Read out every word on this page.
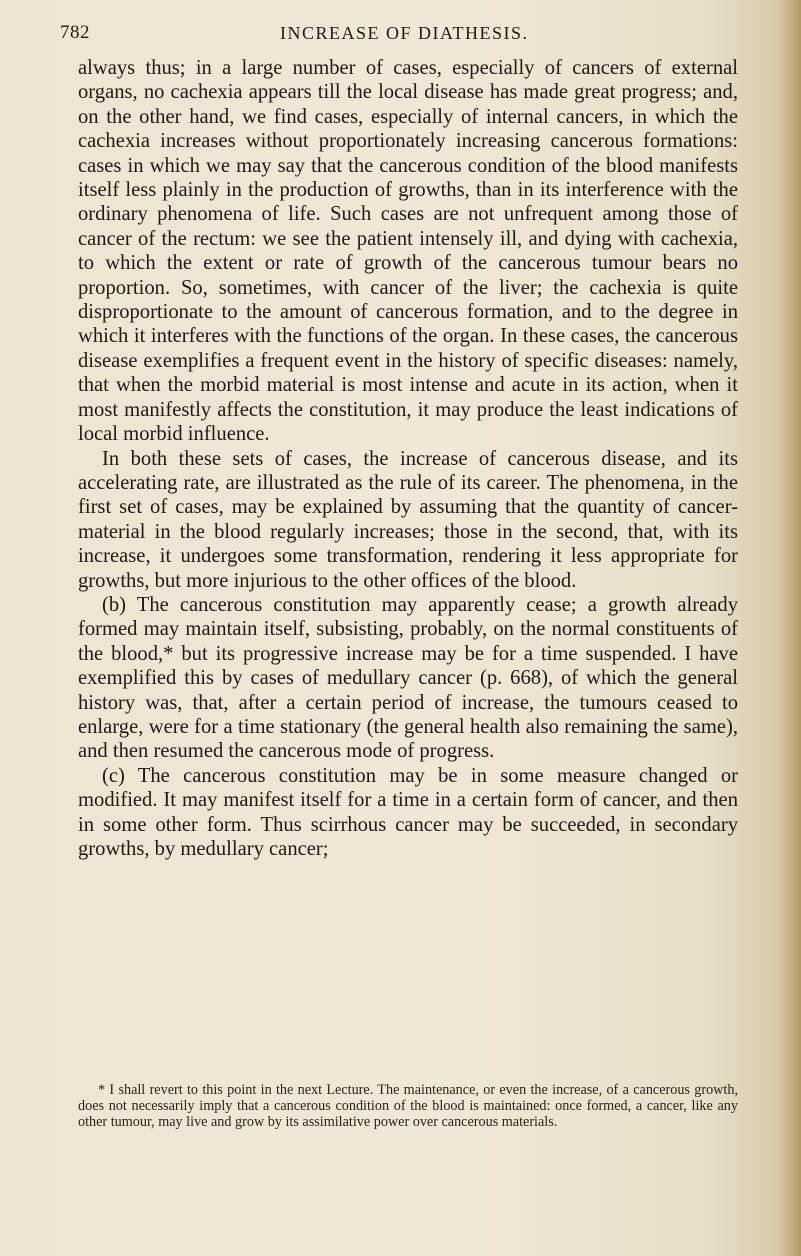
782	INCREASE OF DIATHESIS.

always thus; in a large number of cases, especially of cancers of external organs, no cachexia appears till the local disease has made great progress; and, on the other hand, we find cases, especially of internal cancers, in which the cachexia increases without proportionately increasing cancerous formations: cases in which we may say that the cancerous condition of the blood manifests itself less plainly in the production of growths, than in its interference with the ordinary phenomena of life. Such cases are not unfrequent among those of cancer of the rectum: we see the patient intensely ill, and dying with cachexia, to which the extent or rate of growth of the cancerous tumour bears no proportion. So, sometimes, with cancer of the liver; the cachexia is quite disproportionate to the amount of cancerous formation, and to the degree in which it interferes with the functions of the organ. In these cases, the cancerous disease exemplifies a frequent event in the history of specific diseases: namely, that when the morbid material is most intense and acute in its action, when it most manifestly affects the constitution, it may produce the least indications of local morbid influence.

In both these sets of cases, the increase of cancerous disease, and its accelerating rate, are illustrated as the rule of its career. The phenomena, in the first set of cases, may be explained by assuming that the quantity of cancer-material in the blood regularly increases; those in the second, that, with its increase, it undergoes some transformation, rendering it less appropriate for growths, but more injurious to the other offices of the blood.

(b) The cancerous constitution may apparently cease; a growth already formed may maintain itself, subsisting, probably, on the normal constituents of the blood,* but its progressive increase may be for a time suspended. I have exemplified this by cases of medullary cancer (p. 668), of which the general history was, that, after a certain period of increase, the tumours ceased to enlarge, were for a time stationary (the general health also remaining the same), and then resumed the cancerous mode of progress.

(c) The cancerous constitution may be in some measure changed or modified. It may manifest itself for a time in a certain form of cancer, and then in some other form. Thus scirrhous cancer may be succeeded, in secondary growths, by medullary cancer;

* I shall revert to this point in the next Lecture. The maintenance, or even the increase, of a cancerous growth, does not necessarily imply that a cancerous condition of the blood is maintained: once formed, a cancer, like any other tumour, may live and grow by its assimilative power over cancerous materials.
